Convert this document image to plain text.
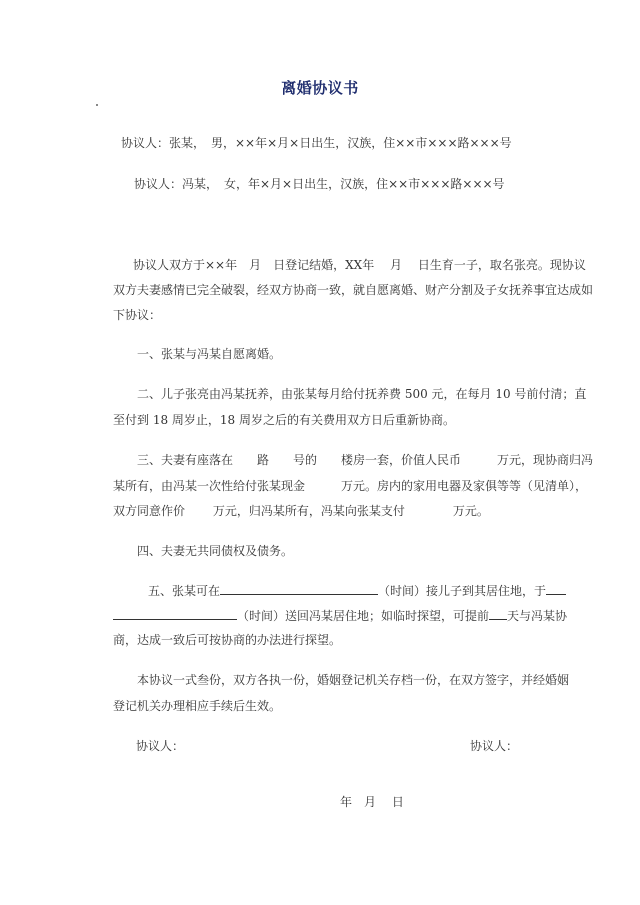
离婚协议书
协议人：张某，　男，××年×月×日出生，汉族，住××市×××路×××号
协议人：冯某，　女，年×月×日出生，汉族，住××市×××路×××号
协议人双方于××年　月　日登记结婚，XX年　 月　 日生育一子，取名张亮。现协议
双方夫妻感情已完全破裂，经双方协商一致，就自愿离婚、财产分割及子女抚养事宜达成如
下协议：
一、张某与冯某自愿离婚。
二、儿子张亮由冯某抚养，由张某每月给付抚养费 500 元，在每月 10 号前付清；直
至付到 18 周岁止，18 周岁之后的有关费用双方日后重新协商。
三、夫妻有座落在　　路　　号的　　楼房一套，价值人民币　　　万元，现协商归冯
某所有，由冯某一次性给付张某现金　　　万元。房内的家用电器及家俱等等（见清单），
双方同意作价　　 万元，归冯某所有，冯某向张某支付　　　　万元。
四、夫妻无共同债权及债务。
五、张某可在	（时间）接儿子到其居住地，于
（时间）送回冯某居住地；如临时探望，可提前 天与冯某协
商，达成一致后可按协商的办法进行探望。
本协议一式叁份，双方各执一份，婚姻登记机关存档一份，在双方签字，并经婚姻
登记机关办理相应手续后生效。
协议人：	协议人：
年　月　 日
